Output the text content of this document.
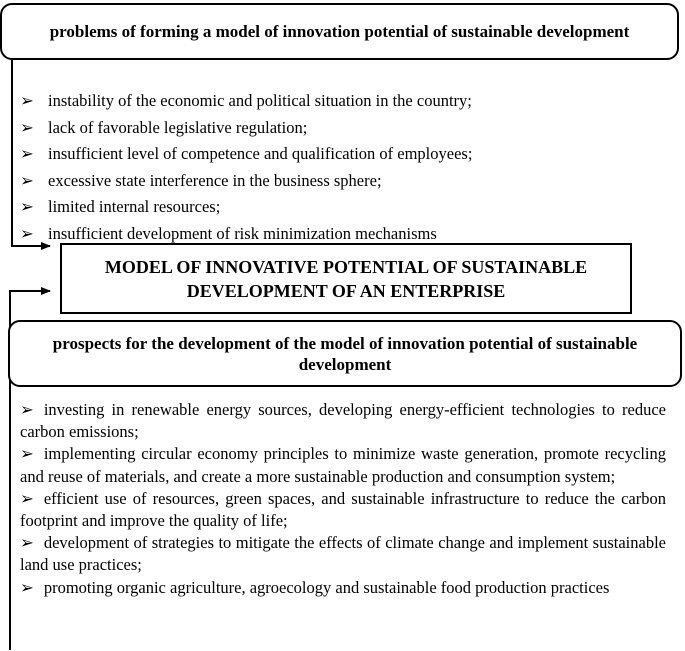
problems of forming a model of innovation potential of sustainable development
➢ instability of the economic and political situation in the country;
➢ lack of favorable legislative regulation;
➢ insufficient level of competence and qualification of employees;
➢ excessive state interference in the business sphere;
➢ limited internal resources;
➢ insufficient development of risk minimization mechanisms
MODEL OF INNOVATIVE POTENTIAL OF SUSTAINABLE DEVELOPMENT OF AN ENTERPRISE
prospects for the development of the model of innovation potential of sustainable development
➢ investing in renewable energy sources, developing energy-efficient technologies to reduce carbon emissions;
➢ implementing circular economy principles to minimize waste generation, promote recycling and reuse of materials, and create a more sustainable production and consumption system;
➢ efficient use of resources, green spaces, and sustainable infrastructure to reduce the carbon footprint and improve the quality of life;
➢ development of strategies to mitigate the effects of climate change and implement sustainable land use practices;
➢ promoting organic agriculture, agroecology and sustainable food production practices
